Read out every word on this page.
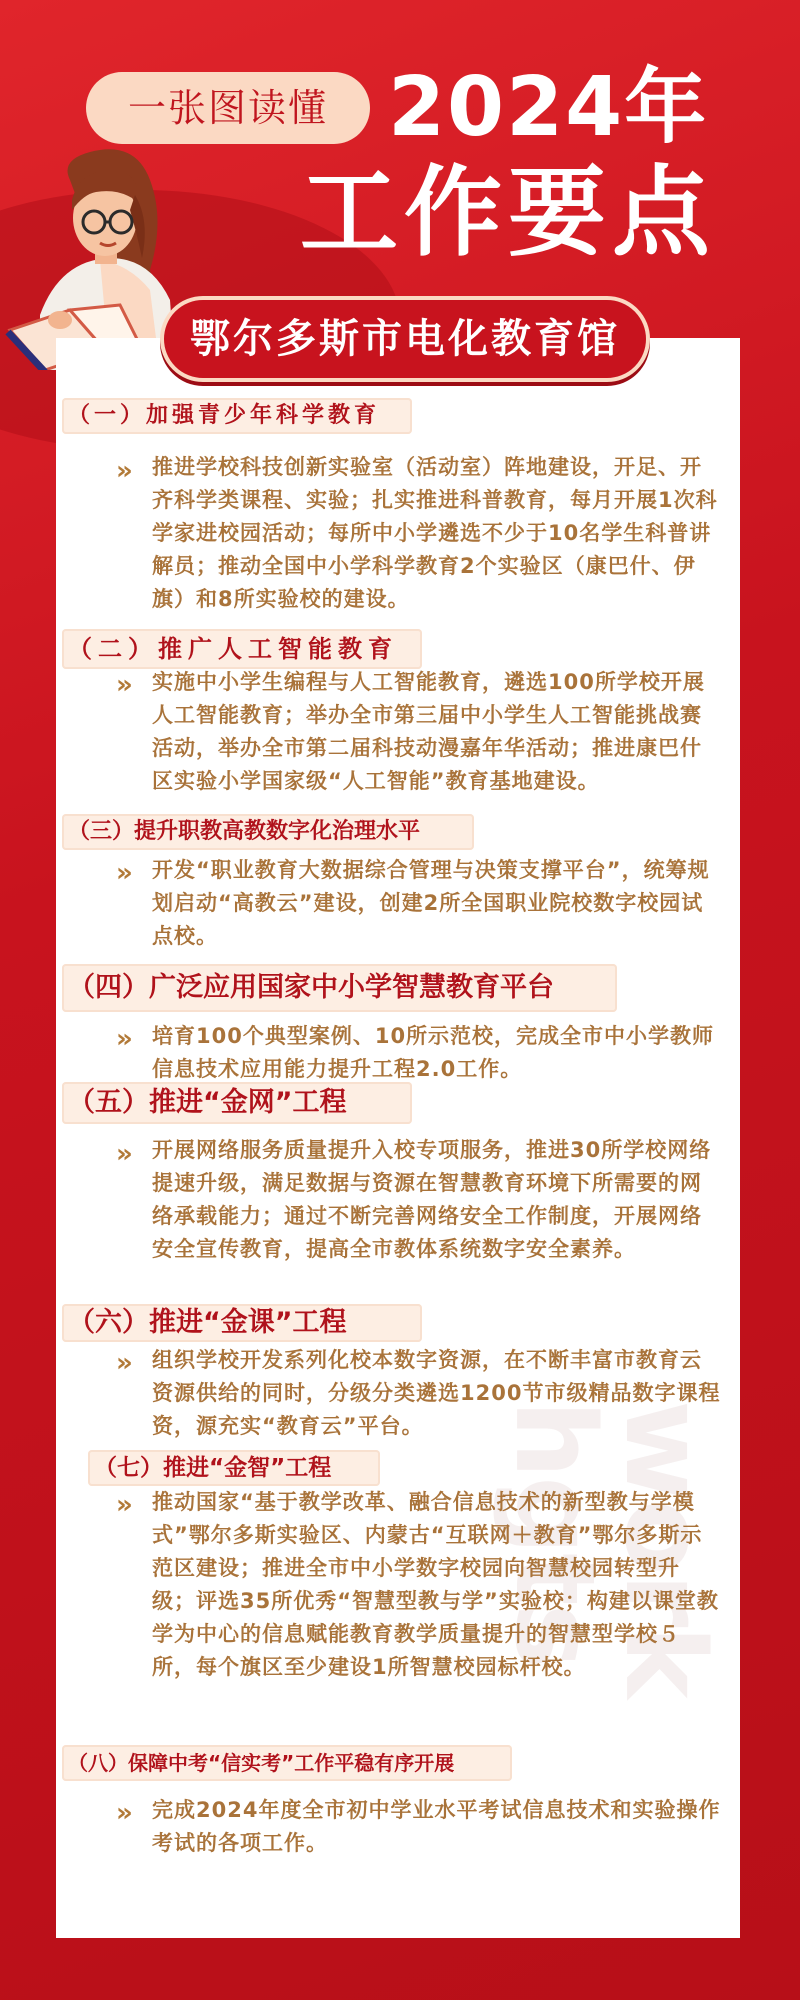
一张图读懂 2024年
工作要点
鄂尔多斯市电化教育馆
work hgts
（一）加强青少年科学教育
» 推进学校科技创新实验室（活动室）阵地建设，开足、开齐科学类课程、实验；扎实推进科普教育，每月开展1次科学家进校园活动；每所中小学遴选不少于10名学生科普讲解员；推动全国中小学科学教育2个实验区（康巴什、伊旗）和8所实验校的建设。
（二）推广人工智能教育
» 实施中小学生编程与人工智能教育，遴选100所学校开展人工智能教育；举办全市第三届中小学生人工智能挑战赛活动，举办全市第二届科技动漫嘉年华活动；推进康巴什区实验小学国家级“人工智能”教育基地建设。
（三）提升职教高教数字化治理水平
» 开发“职业教育大数据综合管理与决策支撑平台”，统筹规划启动“高教云”建设，创建2所全国职业院校数字校园试点校。
（四）广泛应用国家中小学智慧教育平台
» 培育100个典型案例、10所示范校，完成全市中小学教师信息技术应用能力提升工程2.0工作。
（五）推进“金网”工程
» 开展网络服务质量提升入校专项服务，推进30所学校网络提速升级，满足数据与资源在智慧教育环境下所需要的网络承载能力；通过不断完善网络安全工作制度，开展网络安全宣传教育，提高全市教体系统数字安全素养。
（六）推进“金课”工程
» 组织学校开发系列化校本数字资源，在不断丰富市教育云资源供给的同时，分级分类遴选1200节市级精品数字课程资，源充实“教育云”平台。
（七）推进“金智”工程
» 推动国家“基于教学改革、融合信息技术的新型教与学模式”鄂尔多斯实验区、内蒙古“互联网＋教育”鄂尔多斯示范区建设；推进全市中小学数字校园向智慧校园转型升级；评选35所优秀“智慧型教与学”实验校；构建以课堂教学为中心的信息赋能教育教学质量提升的智慧型学校５所，每个旗区至少建设1所智慧校园标杆校。
（八）保障中考“信实考”工作平稳有序开展
» 完成2024年度全市初中学业水平考试信息技术和实验操作考试的各项工作。
